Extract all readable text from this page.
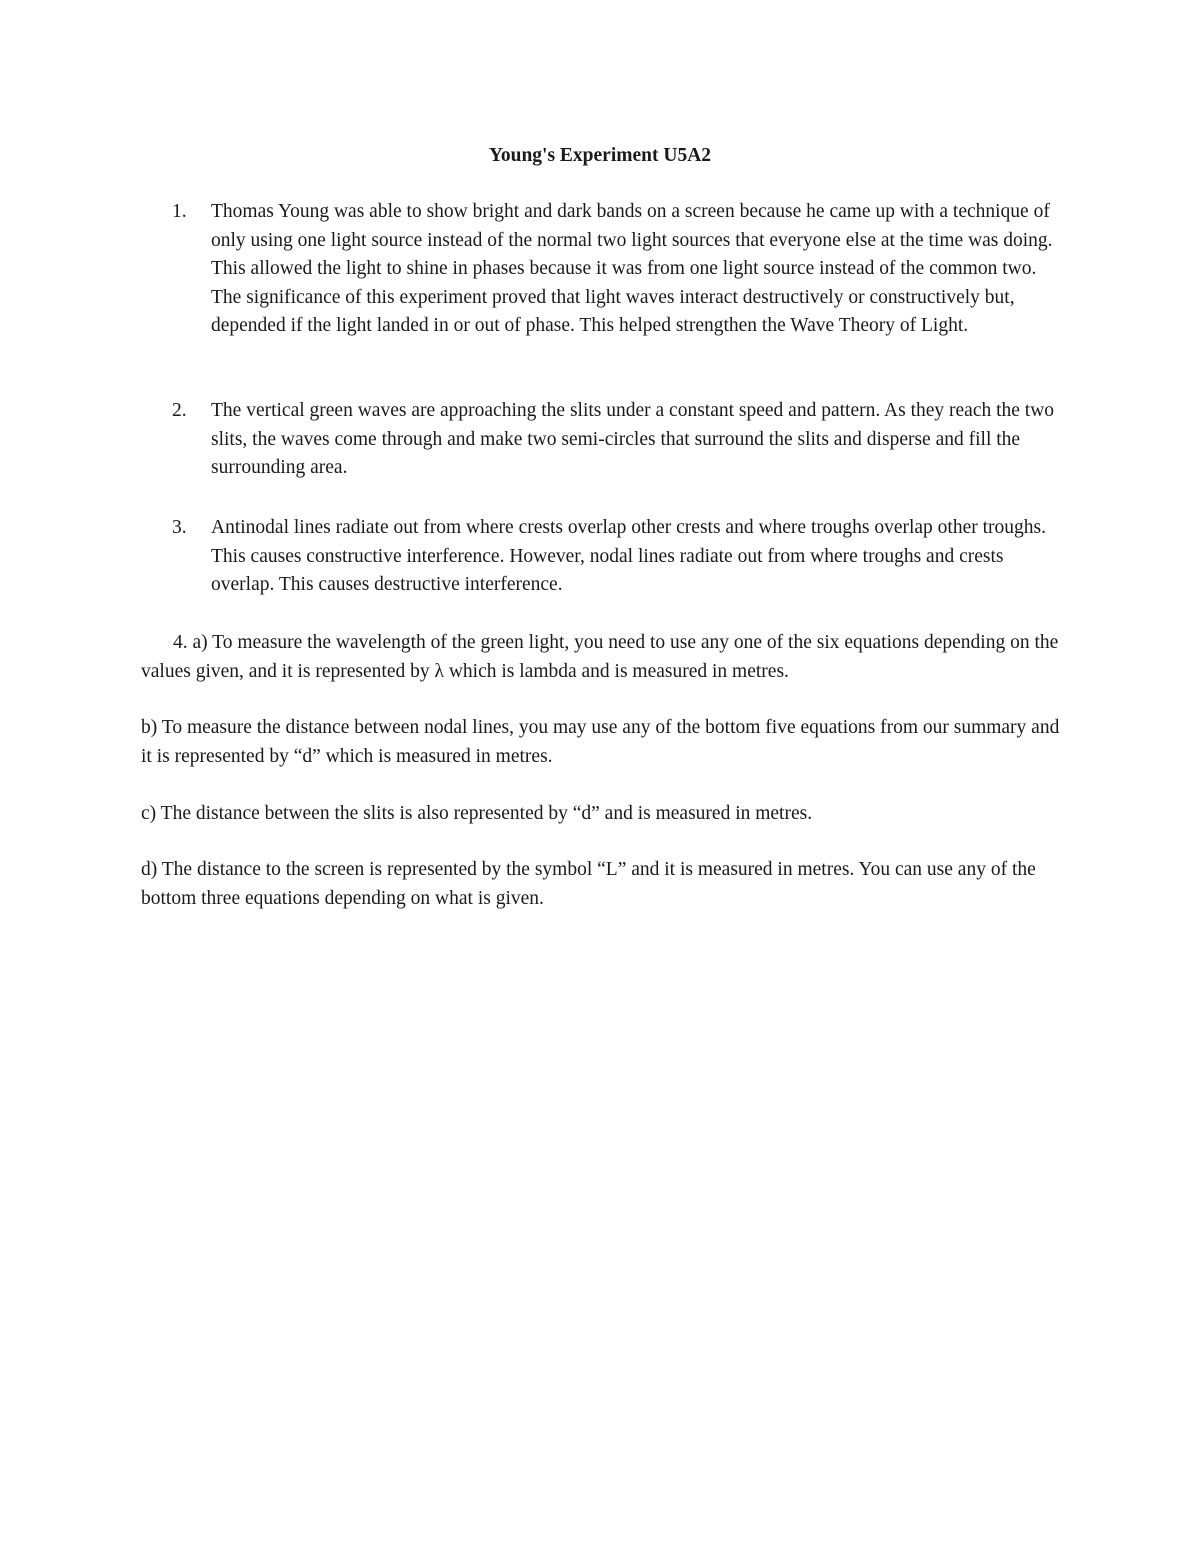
Young's Experiment U5A2
1.	Thomas Young was able to show bright and dark bands on a screen because he came up with a technique of only using one light source instead of the normal two light sources that everyone else at the time was doing. This allowed the light to shine in phases because it was from one light source instead of the common two. The significance of this experiment proved that light waves interact destructively or constructively but, depended if the light landed in or out of phase. This helped strengthen the Wave Theory of Light.
2.	The vertical green waves are approaching the slits under a constant speed and pattern. As they reach the two slits, the waves come through and make two semi-circles that surround the slits and disperse and fill the surrounding area.
3.	Antinodal lines radiate out from where crests overlap other crests and where troughs overlap other troughs. This causes constructive interference. However, nodal lines radiate out from where troughs and crests overlap. This causes destructive interference.
4. a) To measure the wavelength of the green light, you need to use any one of the six equations depending on the values given, and it is represented by λ which is lambda and is measured in metres.
b) To measure the distance between nodal lines, you may use any of the bottom five equations from our summary and it is represented by “d” which is measured in metres.
c) The distance between the slits is also represented by “d” and is measured in metres.
d) The distance to the screen is represented by the symbol “L” and it is measured in metres. You can use any of the bottom three equations depending on what is given.
